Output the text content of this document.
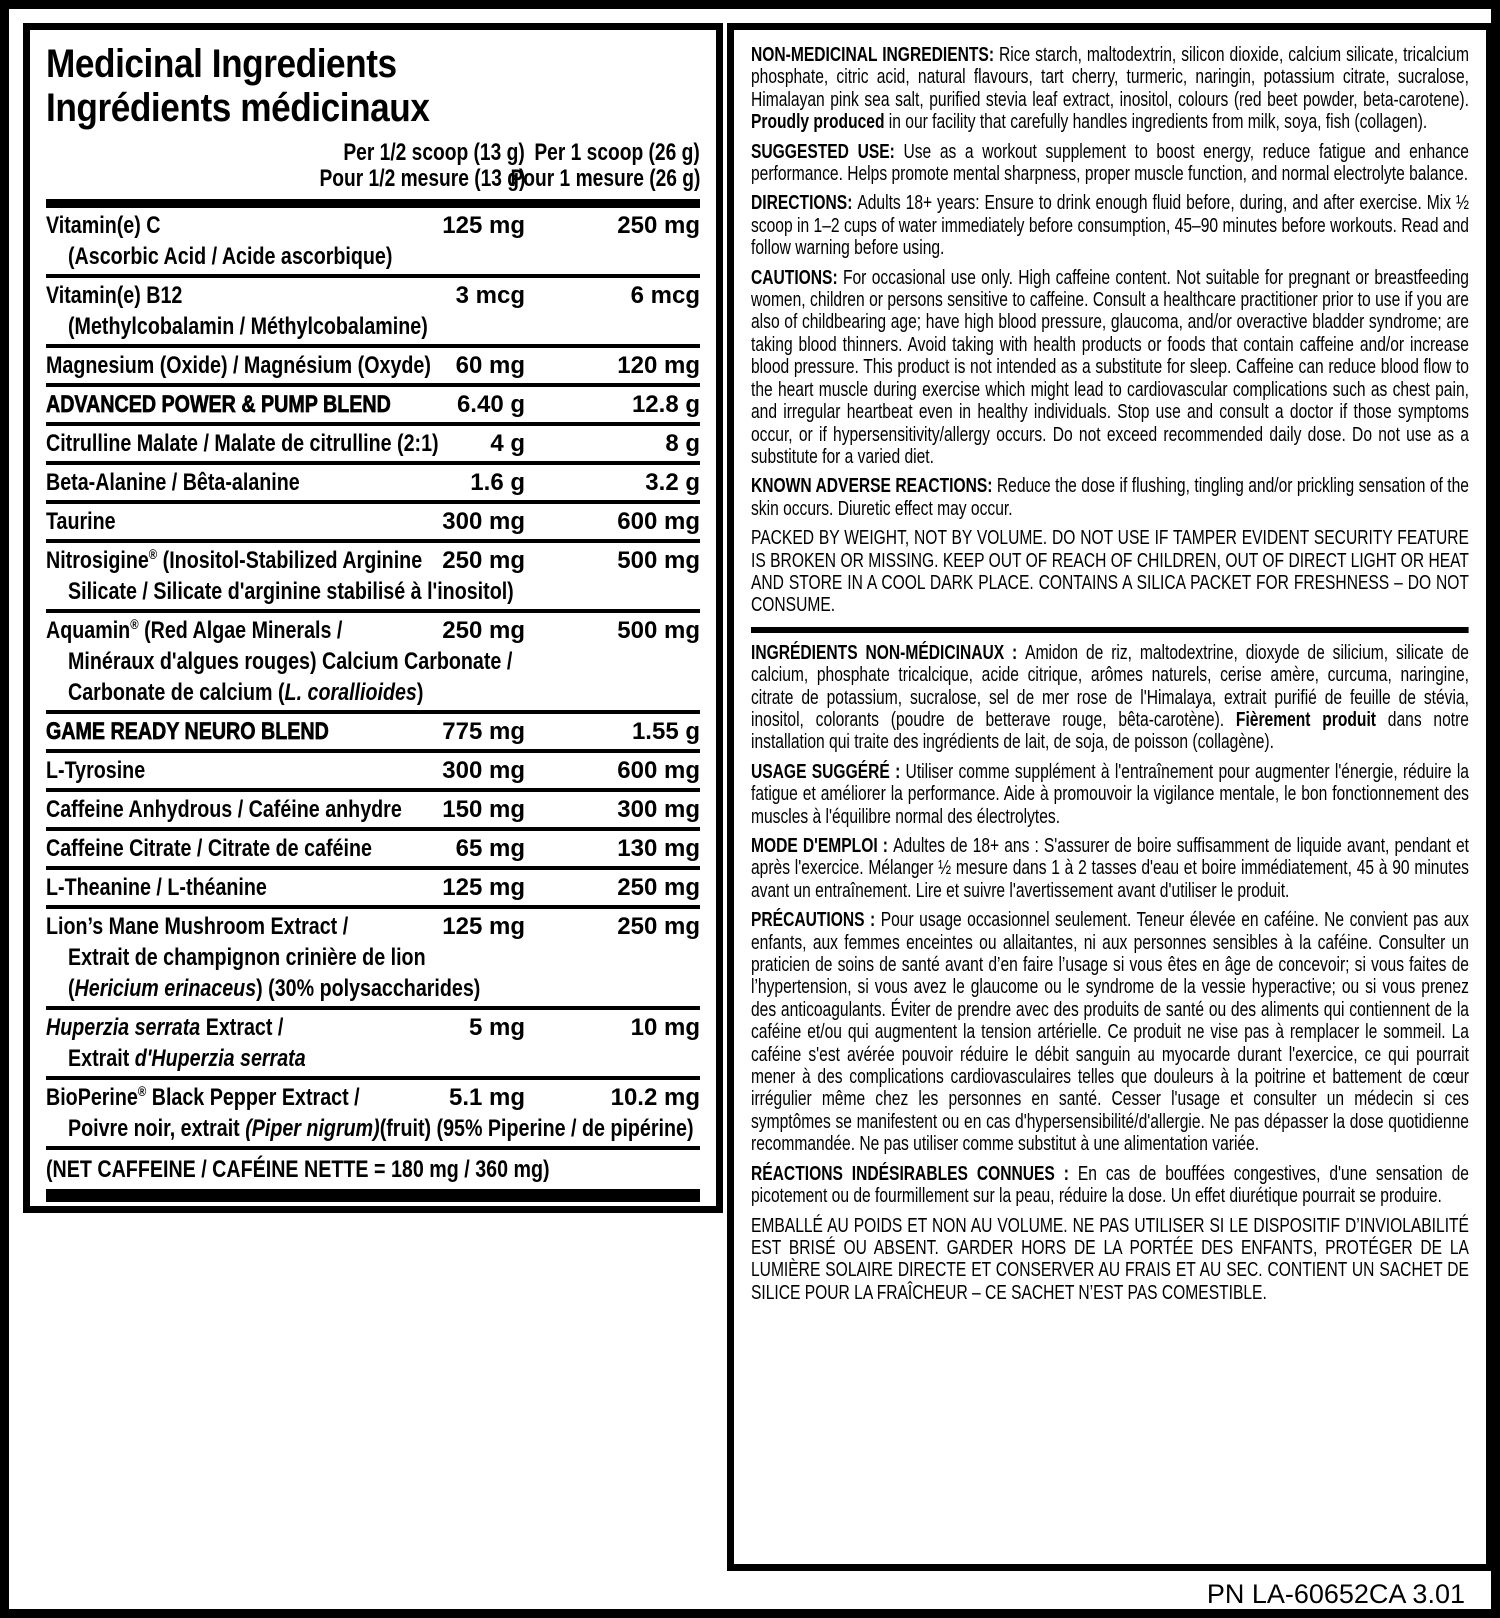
Medicinal Ingredients
Ingrédients médicinaux
Per 1/2 scoop (13 g)
Pour 1/2 mesure (13 g)
Per 1 scoop (26 g)
Pour 1 mesure (26 g)
Vitamin(e) C
(Ascorbic Acid / Acide ascorbique)
125 mg	250 mg
Vitamin(e) B12
(Methylcobalamin / Méthylcobalamine)
3 mcg	6 mcg
Magnesium (Oxide) / Magnésium (Oxyde)	60 mg	120 mg
ADVANCED POWER & PUMP BLEND	6.40 g	12.8 g
Citrulline Malate / Malate de citrulline (2:1)	4 g	8 g
Beta-Alanine / Bêta-alanine	1.6 g	3.2 g
Taurine	300 mg	600 mg
Nitrosigine® (Inositol-Stabilized Arginine
Silicate / Silicate d'arginine stabilisé à l'inositol)
250 mg	500 mg
Aquamin® (Red Algae Minerals /
Minéraux d'algues rouges) Calcium Carbonate /
Carbonate de calcium (L. corallioides)
250 mg	500 mg
GAME READY NEURO BLEND	775 mg	1.55 g
L-Tyrosine	300 mg	600 mg
Caffeine Anhydrous / Caféine anhydre	150 mg	300 mg
Caffeine Citrate / Citrate de caféine	65 mg	130 mg
L-Theanine / L-théanine	125 mg	250 mg
Lion’s Mane Mushroom Extract /
Extrait de champignon crinière de lion
(Hericium erinaceus) (30% polysaccharides)
125 mg	250 mg
Huperzia serrata Extract /
Extrait d'Huperzia serrata
5 mg	10 mg
BioPerine® Black Pepper Extract /
Poivre noir, extrait (Piper nigrum)(fruit) (95% Piperine / de pipérine)
5.1 mg	10.2 mg
(NET CAFFEINE / CAFÉINE NETTE = 180 mg / 360 mg)

NON-MEDICINAL INGREDIENTS: Rice starch, maltodextrin, silicon dioxide, calcium silicate, tricalcium phosphate, citric acid, natural flavours, tart cherry, turmeric, naringin, potassium citrate, sucralose, Himalayan pink sea salt, purified stevia leaf extract, inositol, colours (red beet powder, beta-carotene). Proudly produced in our facility that carefully handles ingredients from milk, soya, fish (collagen).

SUGGESTED USE: Use as a workout supplement to boost energy, reduce fatigue and enhance performance. Helps promote mental sharpness, proper muscle function, and normal electrolyte balance.

DIRECTIONS: Adults 18+ years: Ensure to drink enough fluid before, during, and after exercise. Mix ½ scoop in 1–2 cups of water immediately before consumption, 45–90 minutes before workouts. Read and follow warning before using.

CAUTIONS: For occasional use only. High caffeine content. Not suitable for pregnant or breastfeeding women, children or persons sensitive to caffeine. Consult a healthcare practitioner prior to use if you are also of childbearing age; have high blood pressure, glaucoma, and/or overactive bladder syndrome; are taking blood thinners. Avoid taking with health products or foods that contain caffeine and/or increase blood pressure. This product is not intended as a substitute for sleep. Caffeine can reduce blood flow to the heart muscle during exercise which might lead to cardiovascular complications such as chest pain, and irregular heartbeat even in healthy individuals. Stop use and consult a doctor if those symptoms occur, or if hypersensitivity/allergy occurs. Do not exceed recommended daily dose. Do not use as a substitute for a varied diet.

KNOWN ADVERSE REACTIONS: Reduce the dose if flushing, tingling and/or prickling sensation of the skin occurs. Diuretic effect may occur.

PACKED BY WEIGHT, NOT BY VOLUME. DO NOT USE IF TAMPER EVIDENT SECURITY FEATURE IS BROKEN OR MISSING. KEEP OUT OF REACH OF CHILDREN, OUT OF DIRECT LIGHT OR HEAT AND STORE IN A COOL DARK PLACE. CONTAINS A SILICA PACKET FOR FRESHNESS – DO NOT CONSUME.

INGRÉDIENTS NON-MÉDICINAUX : Amidon de riz, maltodextrine, dioxyde de silicium, silicate de calcium, phosphate tricalcique, acide citrique, arômes naturels, cerise amère, curcuma, naringine, citrate de potassium, sucralose, sel de mer rose de l'Himalaya, extrait purifié de feuille de stévia, inositol, colorants (poudre de betterave rouge, bêta-carotène). Fièrement produit dans notre installation qui traite des ingrédients de lait, de soja, de poisson (collagène).

USAGE SUGGÉRÉ : Utiliser comme supplément à l'entraînement pour augmenter l'énergie, réduire la fatigue et améliorer la performance. Aide à promouvoir la vigilance mentale, le bon fonctionnement des muscles à l'équilibre normal des électrolytes.

MODE D'EMPLOI : Adultes de 18+ ans : S'assurer de boire suffisamment de liquide avant, pendant et après l'exercice. Mélanger ½ mesure dans 1 à 2 tasses d'eau et boire immédiatement, 45 à 90 minutes avant un entraînement. Lire et suivre l'avertissement avant d'utiliser le produit.

PRÉCAUTIONS : Pour usage occasionnel seulement. Teneur élevée en caféine. Ne convient pas aux enfants, aux femmes enceintes ou allaitantes, ni aux personnes sensibles à la caféine. Consulter un praticien de soins de santé avant d’en faire l’usage si vous êtes en âge de concevoir; si vous faites de l’hypertension, si vous avez le glaucome ou le syndrome de la vessie hyperactive; ou si vous prenez des anticoagulants. Éviter de prendre avec des produits de santé ou des aliments qui contiennent de la caféine et/ou qui augmentent la tension artérielle. Ce produit ne vise pas à remplacer le sommeil. La caféine s'est avérée pouvoir réduire le débit sanguin au myocarde durant l'exercice, ce qui pourrait mener à des complications cardiovasculaires telles que douleurs à la poitrine et battement de cœur irrégulier même chez les personnes en santé. Cesser l'usage et consulter un médecin si ces symptômes se manifestent ou en cas d'hypersensibilité/d'allergie. Ne pas dépasser la dose quotidienne recommandée. Ne pas utiliser comme substitut à une alimentation variée.

RÉACTIONS INDÉSIRABLES CONNUES : En cas de bouffées congestives, d'une sensation de picotement ou de fourmillement sur la peau, réduire la dose. Un effet diurétique pourrait se produire.

EMBALLÉ AU POIDS ET NON AU VOLUME. NE PAS UTILISER SI LE DISPOSITIF D’INVIOLABILITÉ EST BRISÉ OU ABSENT. GARDER HORS DE LA PORTÉE DES ENFANTS, PROTÉGER DE LA LUMIÈRE SOLAIRE DIRECTE ET CONSERVER AU FRAIS ET AU SEC. CONTIENT UN SACHET DE SILICE POUR LA FRAÎCHEUR – CE SACHET N’EST PAS COMESTIBLE.

PN LA-60652CA 3.01
